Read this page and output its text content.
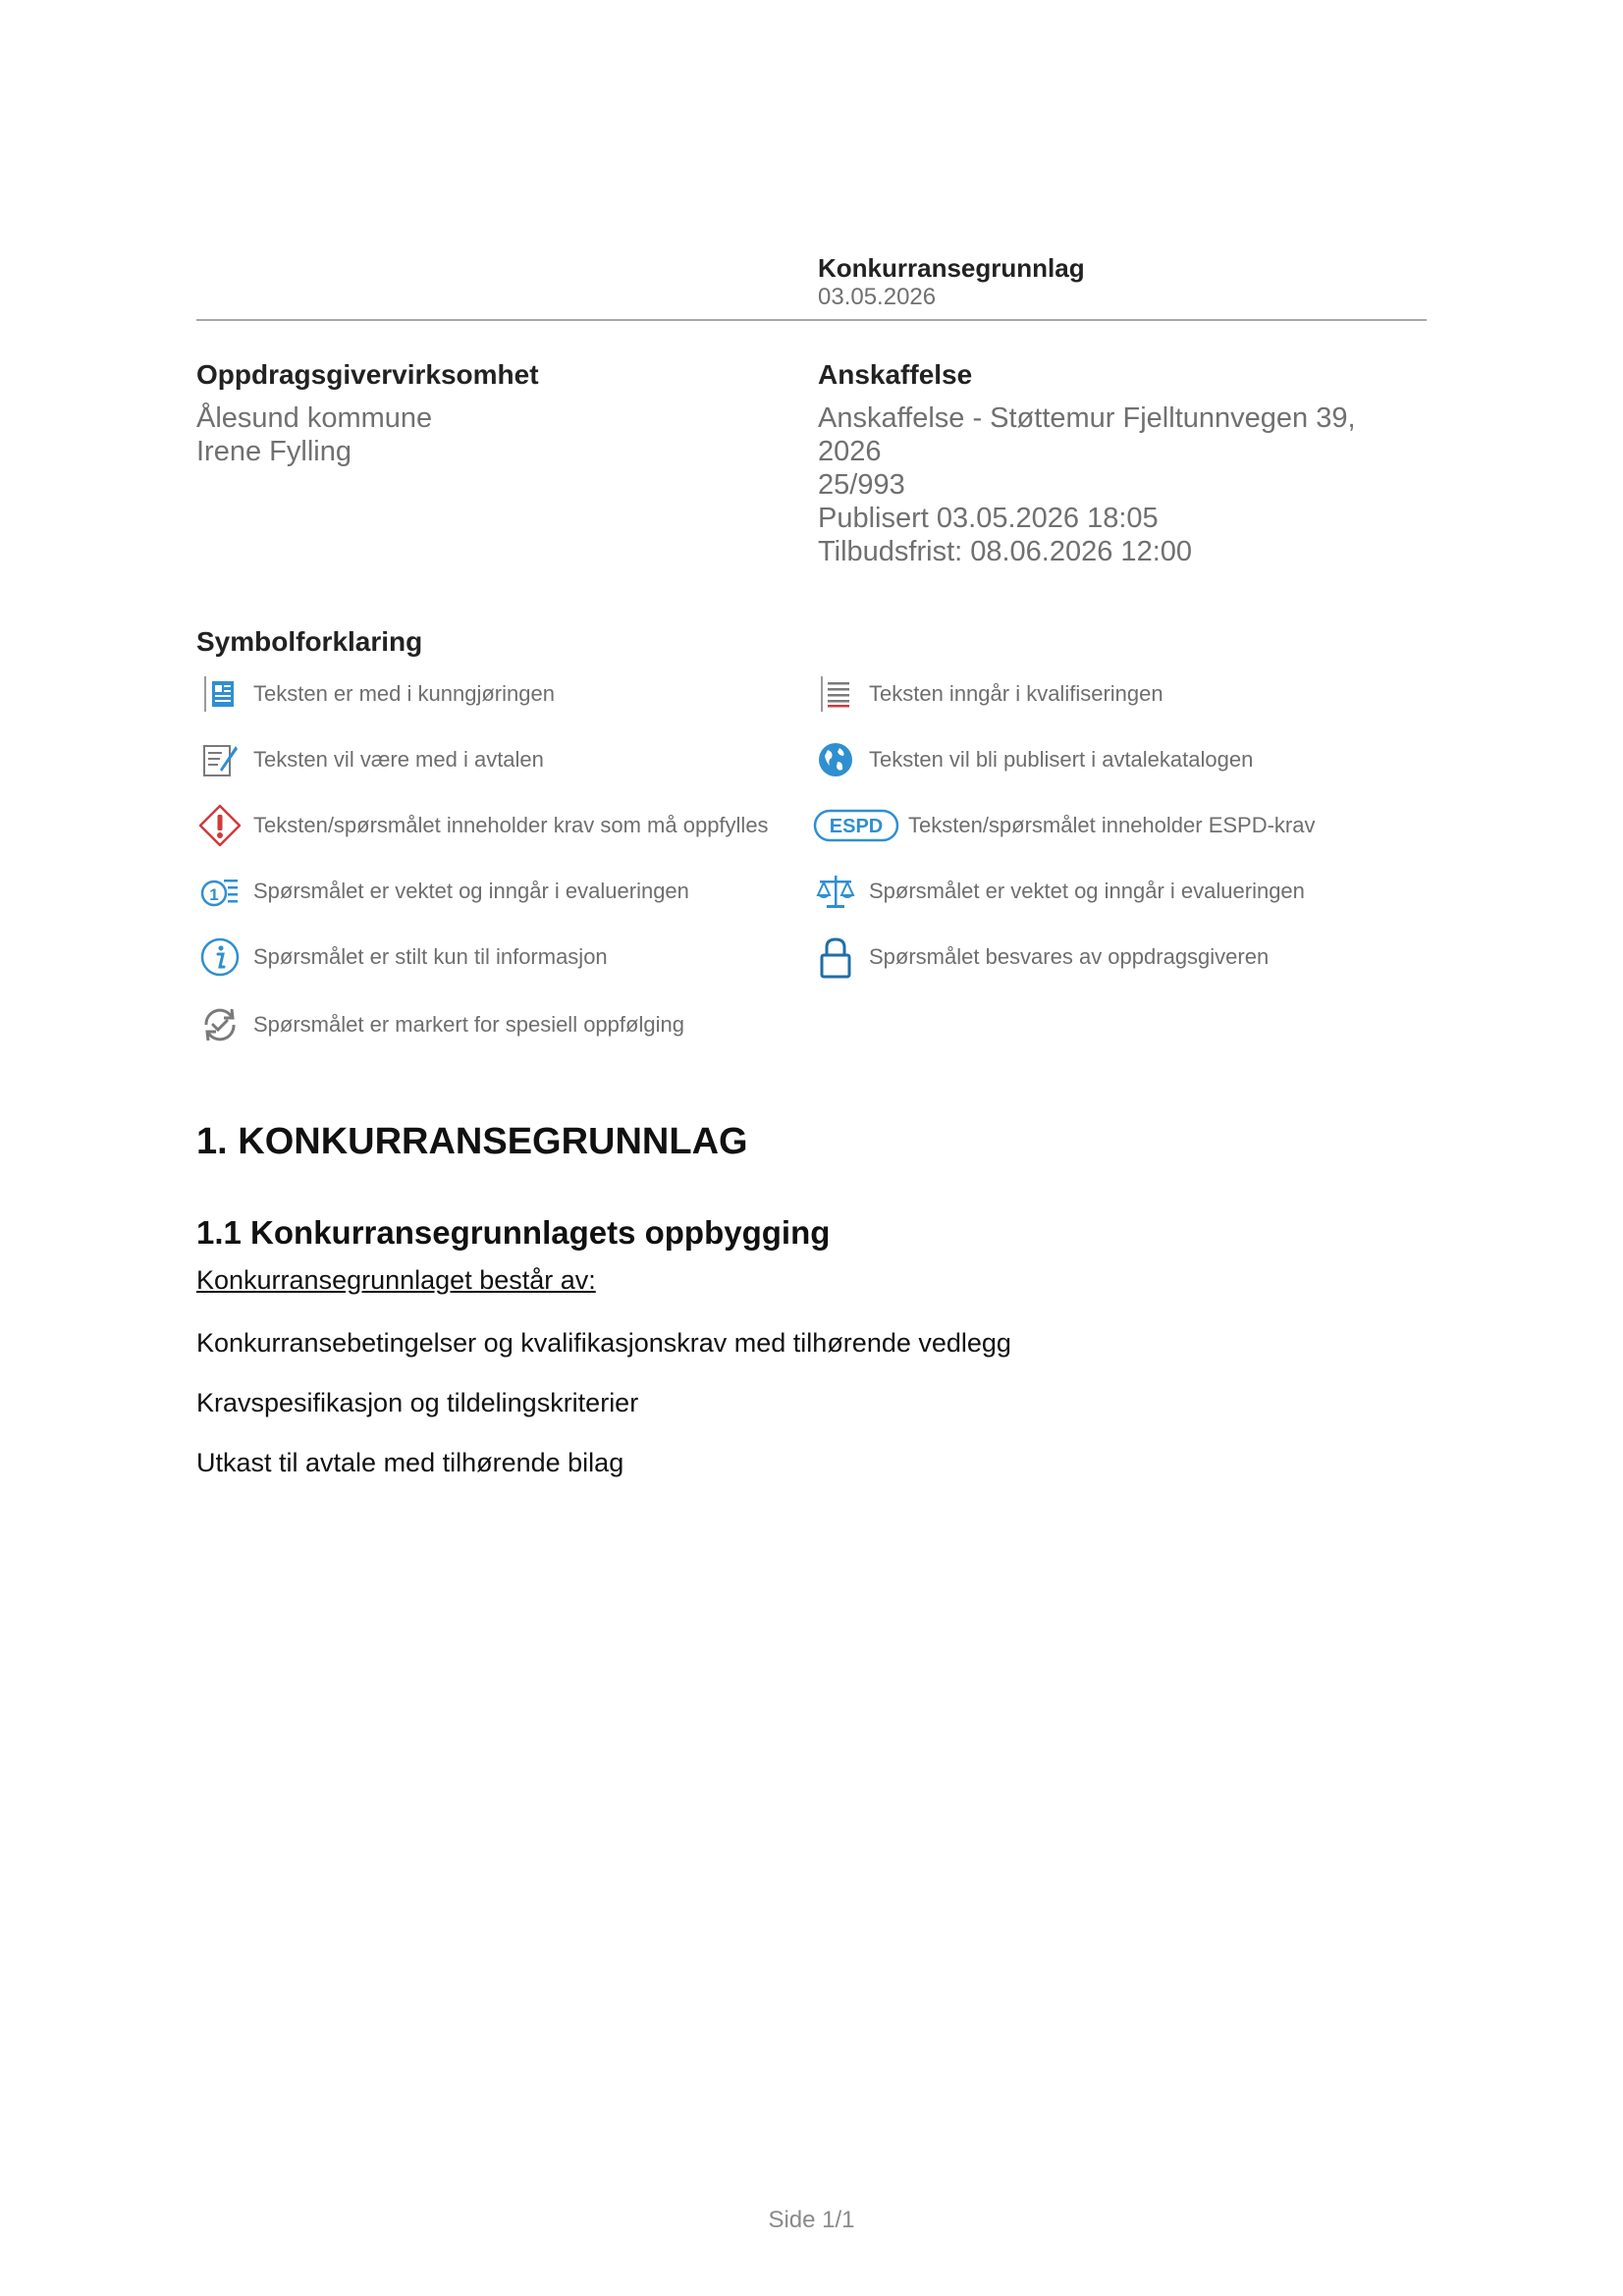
Konkurransegrunnlag
03.05.2026
Oppdragsgivervirksomhet
Ålesund kommune
Irene Fylling
Anskaffelse
Anskaffelse - Støttemur Fjelltunnvegen 39,
2026
25/993
Publisert 03.05.2026 18:05
Tilbudsfrist: 08.06.2026 12:00
Symbolforklaring
Teksten er med i kunngjøringen	Teksten inngår i kvalifiseringen
Teksten vil være med i avtalen	Teksten vil bli publisert i avtalekatalogen
Teksten/spørsmålet inneholder krav som må oppfylles	ESPD Teksten/spørsmålet inneholder ESPD-krav
1 Spørsmålet er vektet og inngår i evalueringen	Spørsmålet er vektet og inngår i evalueringen
Spørsmålet er stilt kun til informasjon	Spørsmålet besvares av oppdragsgiveren
Spørsmålet er markert for spesiell oppfølging
1. KONKURRANSEGRUNNLAG
1.1 Konkurransegrunnlagets oppbygging
Konkurransegrunnlaget består av:
Konkurransebetingelser og kvalifikasjonskrav med tilhørende vedlegg
Kravspesifikasjon og tildelingskriterier
Utkast til avtale med tilhørende bilag
Side 1/1
